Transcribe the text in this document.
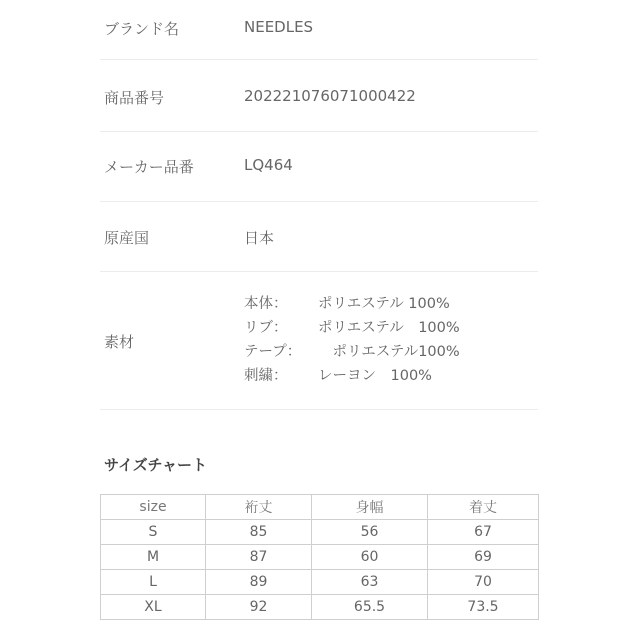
ブランド名	NEEDLES
商品番号	202221076071000422
メーカー品番	LQ464
原産国	日本
素材
本体： ポリエステル 100%
リブ： ポリエステル　100%
テープ：　ポリエステル100%
刺繍： レーヨン　100%
サイズチャート
size	裄丈	身幅	着丈
S	85	56	67
M	87	60	69
L	89	63	70
XL	92	65.5	73.5
